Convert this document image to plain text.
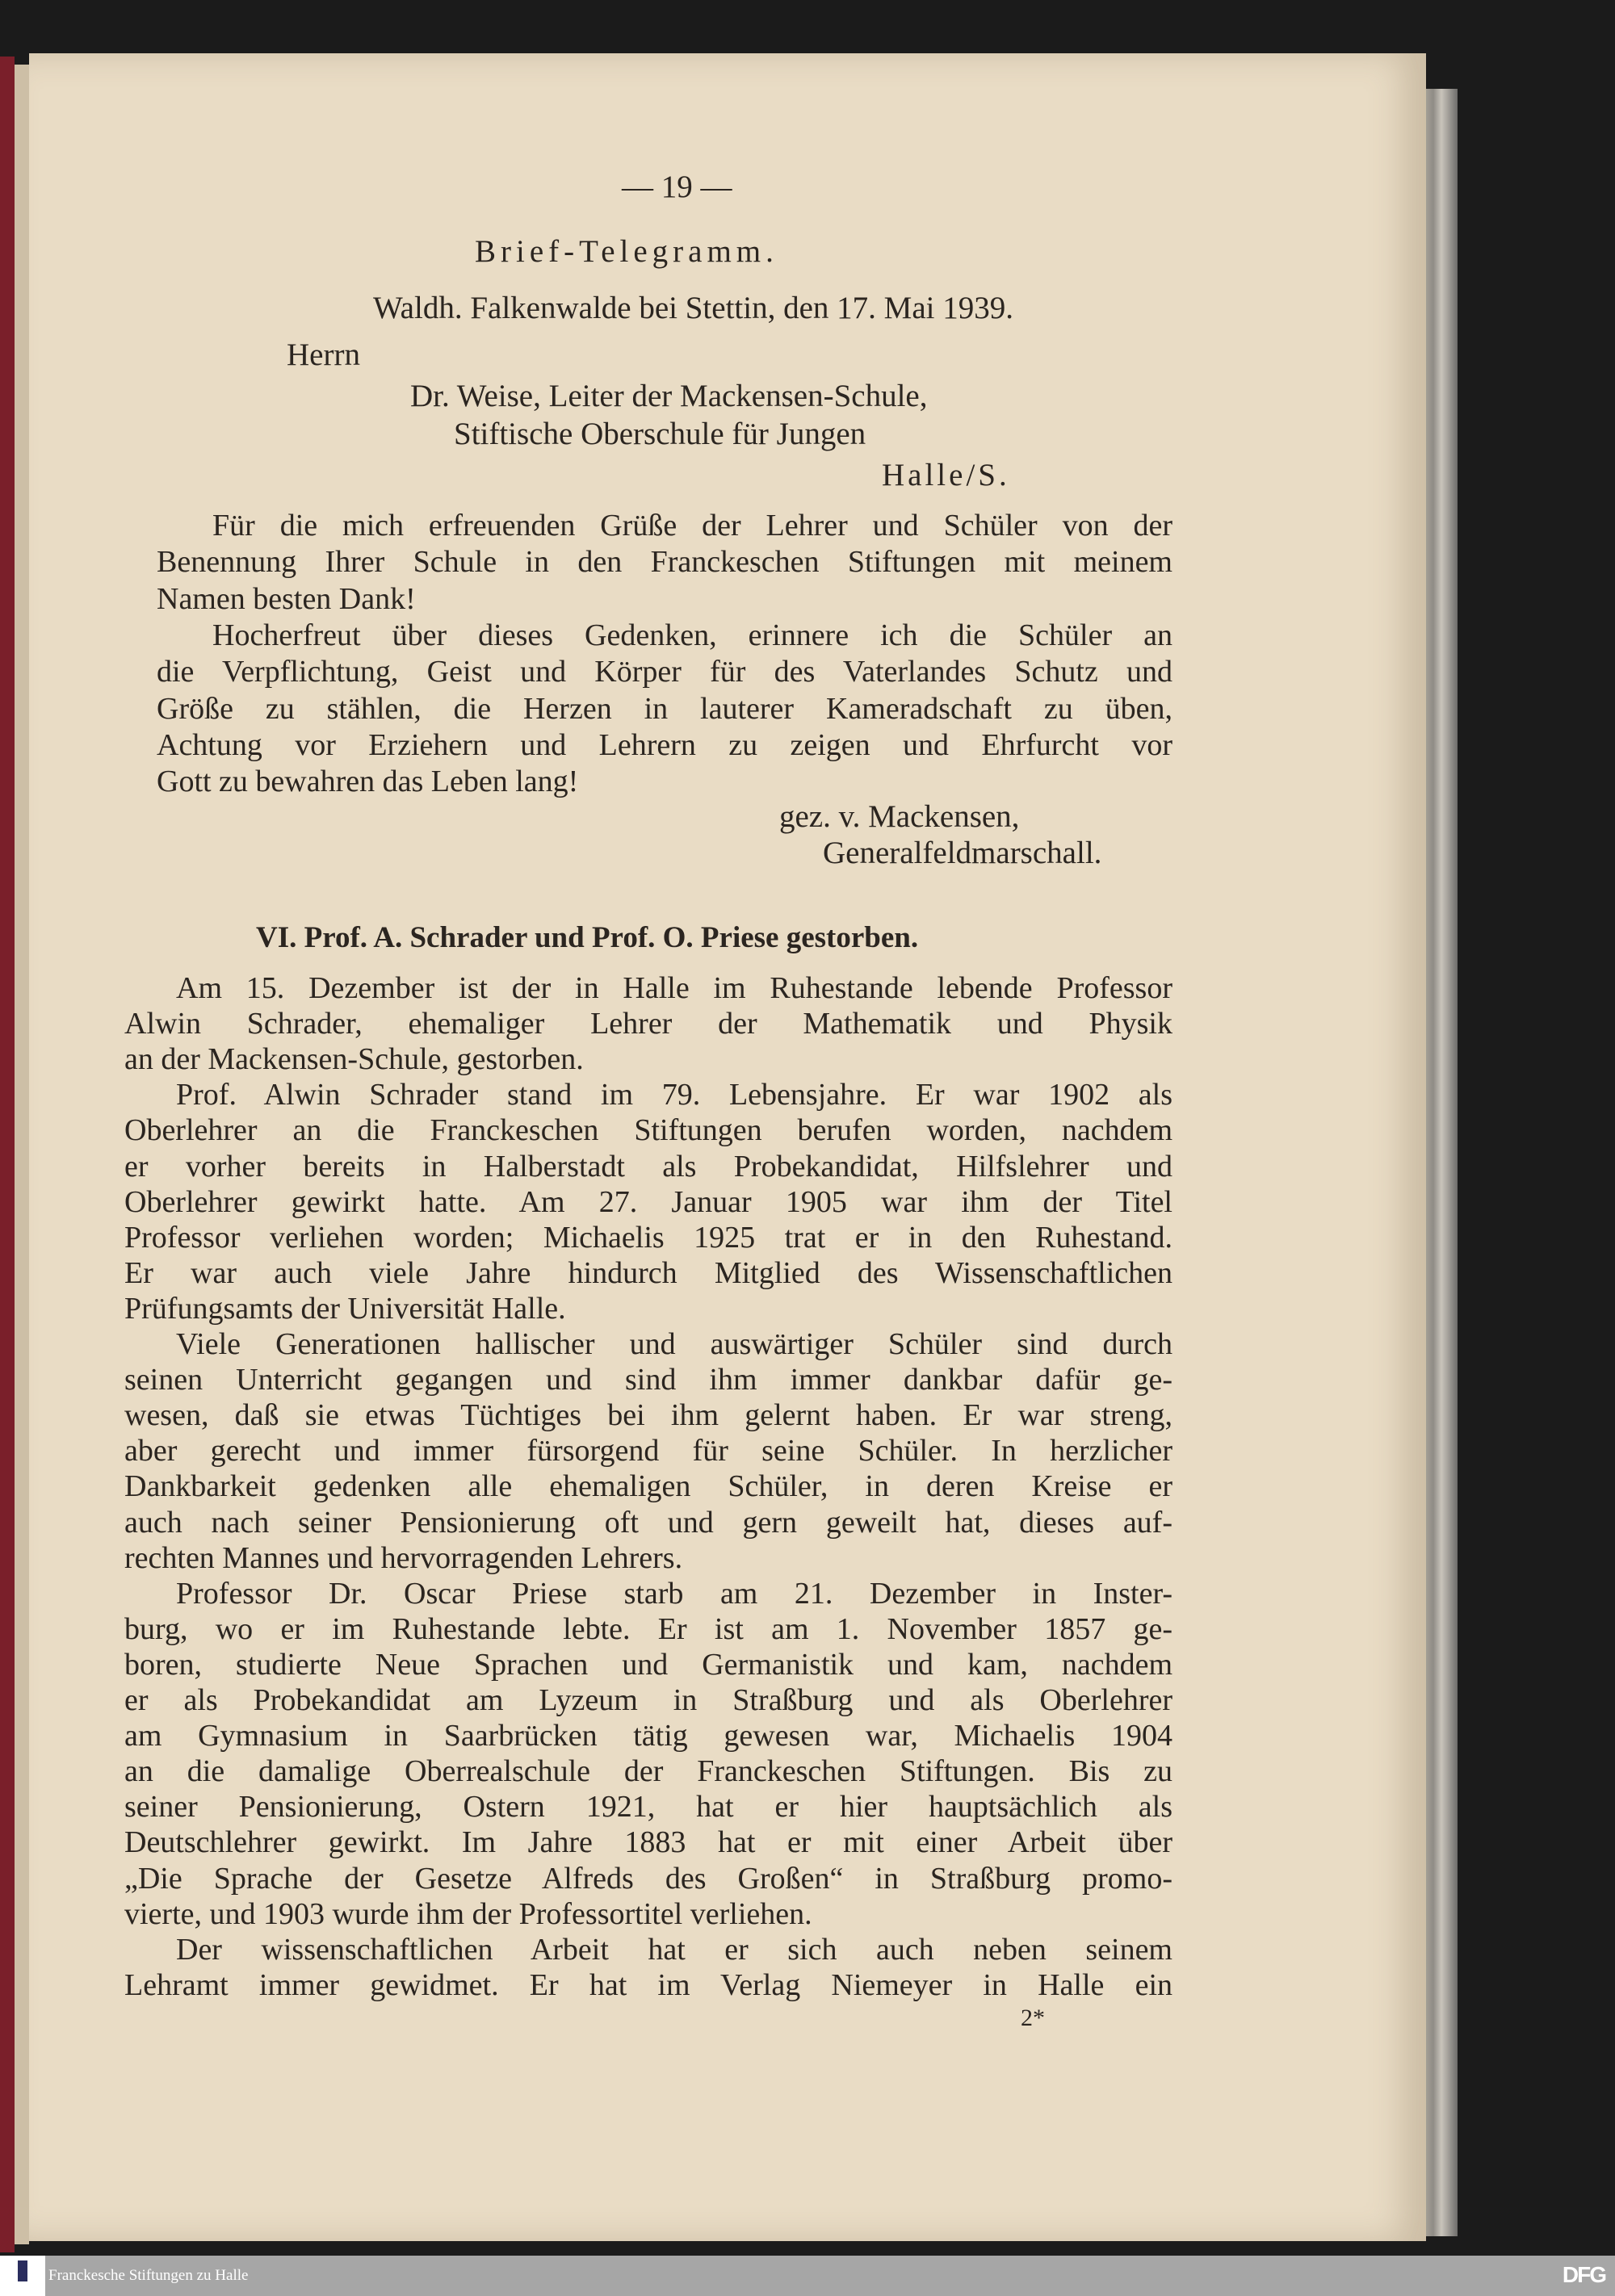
— 19 —
Brief-Telegramm.
Waldh. Falkenwalde bei Stettin, den 17. Mai 1939.
Herrn
Dr. Weise, Leiter der Mackensen-Schule,
Stiftische Oberschule für Jungen
Halle/S.
Für die mich erfreuenden Grüße der Lehrer und Schüler von der
Benennung Ihrer Schule in den Franckeschen Stiftungen mit meinem
Namen besten Dank!
Hocherfreut über dieses Gedenken, erinnere ich die Schüler an
die Verpflichtung, Geist und Körper für des Vaterlandes Schutz und
Größe zu stählen, die Herzen in lauterer Kameradschaft zu üben,
Achtung vor Erziehern und Lehrern zu zeigen und Ehrfurcht vor
Gott zu bewahren das Leben lang!
gez. v. Mackensen,
Generalfeldmarschall.
VI. Prof. A. Schrader und Prof. O. Priese gestorben.
Am 15. Dezember ist der in Halle im Ruhestande lebende Professor
Alwin Schrader, ehemaliger Lehrer der Mathematik und Physik
an der Mackensen-Schule, gestorben.
Prof. Alwin Schrader stand im 79. Lebensjahre. Er war 1902 als
Oberlehrer an die Franckeschen Stiftungen berufen worden, nachdem
er vorher bereits in Halberstadt als Probekandidat, Hilfslehrer und
Oberlehrer gewirkt hatte. Am 27. Januar 1905 war ihm der Titel
Professor verliehen worden; Michaelis 1925 trat er in den Ruhestand.
Er war auch viele Jahre hindurch Mitglied des Wissenschaftlichen
Prüfungsamts der Universität Halle.
Viele Generationen hallischer und auswärtiger Schüler sind durch
seinen Unterricht gegangen und sind ihm immer dankbar dafür ge-
wesen, daß sie etwas Tüchtiges bei ihm gelernt haben. Er war streng,
aber gerecht und immer fürsorgend für seine Schüler. In herzlicher
Dankbarkeit gedenken alle ehemaligen Schüler, in deren Kreise er
auch nach seiner Pensionierung oft und gern geweilt hat, dieses auf-
rechten Mannes und hervorragenden Lehrers.
Professor Dr. Oscar Priese starb am 21. Dezember in Inster-
burg, wo er im Ruhestande lebte. Er ist am 1. November 1857 ge-
boren, studierte Neue Sprachen und Germanistik und kam, nachdem
er als Probekandidat am Lyzeum in Straßburg und als Oberlehrer
am Gymnasium in Saarbrücken tätig gewesen war, Michaelis 1904
an die damalige Oberrealschule der Franckeschen Stiftungen. Bis zu
seiner Pensionierung, Ostern 1921, hat er hier hauptsächlich als
Deutschlehrer gewirkt. Im Jahre 1883 hat er mit einer Arbeit über
„Die Sprache der Gesetze Alfreds des Großen“ in Straßburg promo-
vierte, und 1903 wurde ihm der Professortitel verliehen.
Der wissenschaftlichen Arbeit hat er sich auch neben seinem
Lehramt immer gewidmet. Er hat im Verlag Niemeyer in Halle ein
2*
Franckesche Stiftungen zu Halle	DFG
